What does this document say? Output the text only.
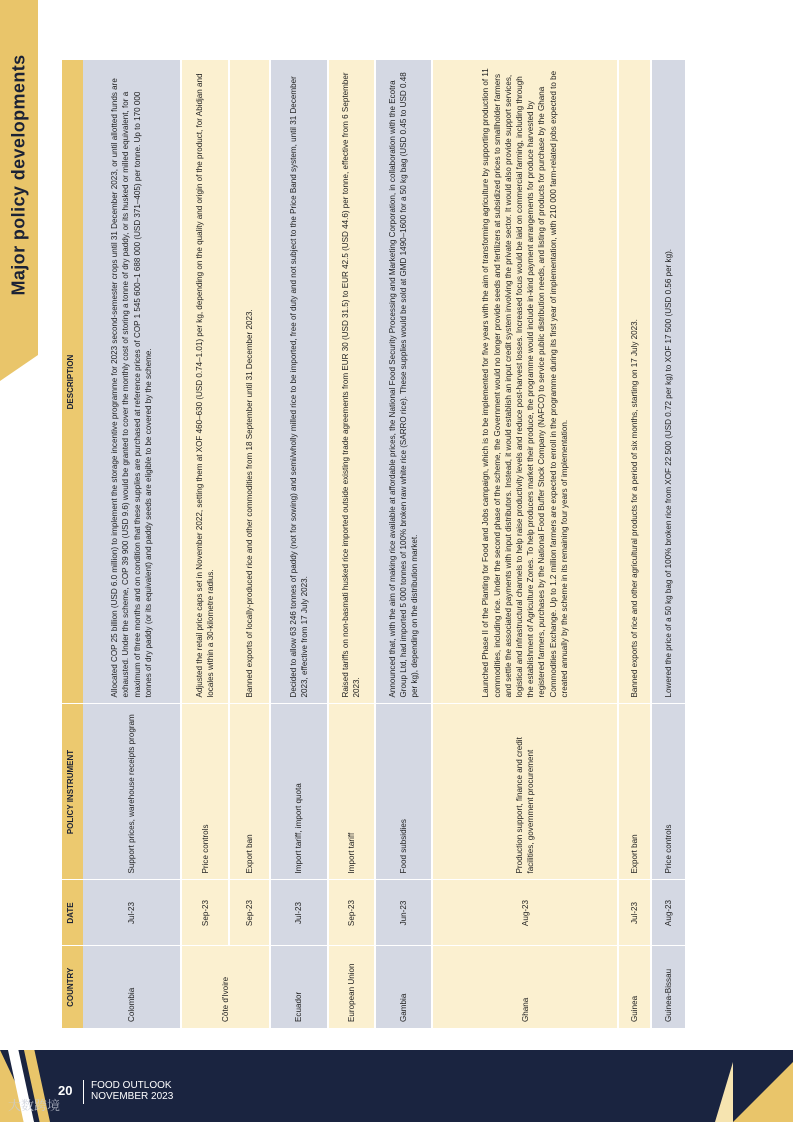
Major policy developments
COUNTRY	DATE	POLICY INSTRUMENT	DESCRIPTION
Colombia	Jul-23	Support prices, warehouse receipts program	Allocated COP 25 billion (USD 6.0 million) to implement the storage incentive programme for 2023 second-semester crops until 31 December 2023, or until allotted funds are exhausted. Under the scheme, COP 39 900 (USD 9.6) would be granted to cover the monthly cost of storing a tonne of dry paddy, or its husked or milled equivalent, for a maximum of three months and on condition that these supplies are purchased at reference prices of COP 1 545 600–1 688 000 (USD 371–405) per tonne. Up to 170 000 tonnes of dry paddy (or its equivalent) and paddy seeds are eligible to be covered by the scheme.
Côte d'Ivoire	Sep-23	Price controls	Adjusted the retail price caps set in November 2022, setting them at XOF 460–630 (USD 0.74–1.01) per kg, depending on the quality and origin of the product, for Abidjan and locales within a 30-kilometre radius.
	Sep-23	Export ban	Banned exports of locally-produced rice and other commodities from 18 September until 31 December 2023.
Ecuador	Jul-23	Import tariff, import quota	Decided to allow 63 246 tonnes of paddy (not for sowing) and semi/wholly milled rice to be imported, free of duty and not subject to the Price Band system, until 31 December 2023, effective from 17 July 2023.
European Union	Sep-23	Import tariff	Raised tariffs on non-basmati husked rice imported outside existing trade agreements from EUR 30 (USD 31.5) to EUR 42.5 (USD 44.6) per tonne, effective from 6 September 2023.
Gambia	Jun-23	Food subsidies	Announced that, with the aim of making rice available at affordable prices, the National Food Security Processing and Marketing Corporation, in collaboration with the Ecotra Group Ltd, had imported 5 000 tonnes of 100% broken raw white rice (SARRO rice). These supplies would be sold at GMD 1490–1600 for a 50 kg bag (USD 0.45 to USD 0.48 per kg), depending on the distribution market.
Ghana	Aug-23	Production support, finance and credit facilities, government procurement	Launched Phase II of the Planting for Food and Jobs campaign, which is to be implemented for five years with the aim of transforming agriculture by supporting production of 11 commodities, including rice. Under the second phase of the scheme, the Government would no longer provide seeds and fertilizers at subsidized prices to smallholder farmers and settle the associated payments with input distributors. Instead, it would establish an input credit system involving the private sector. It would also provide support services, logistical and infrastructural channels to help raise productivity levels and reduce post-harvest losses. Increased focus would be laid on commercial farming, including through the establishment of Agriculture Zones. To help producers market their produce, the programme would include in-kind payment arrangements for produce harvested by registered farmers, purchases by the National Food Buffer Stock Company (NAFCO) to service public distribution needs, and listing of products for purchase by the Ghana Commodities Exchange. Up to 1.2 million farmers are expected to enroll in the programme during its first year of implementation, with 210 000 farm-related jobs expected to be created annually by the scheme in its remaining four years of implementation.
Guinea	Jul-23	Export ban	Banned exports of rice and other agricultural products for a period of six months, starting on 17 July 2023.
Guinea-Bissau	Aug-23	Price controls	Lowered the price of a 50 kg bag of 100% broken rice from XOF 22 500 (USD 0.72 per kg) to XOF 17 500 (USD 0.56 per kg).
20 FOOD OUTLOOK
NOVEMBER 2023
大数跨境
